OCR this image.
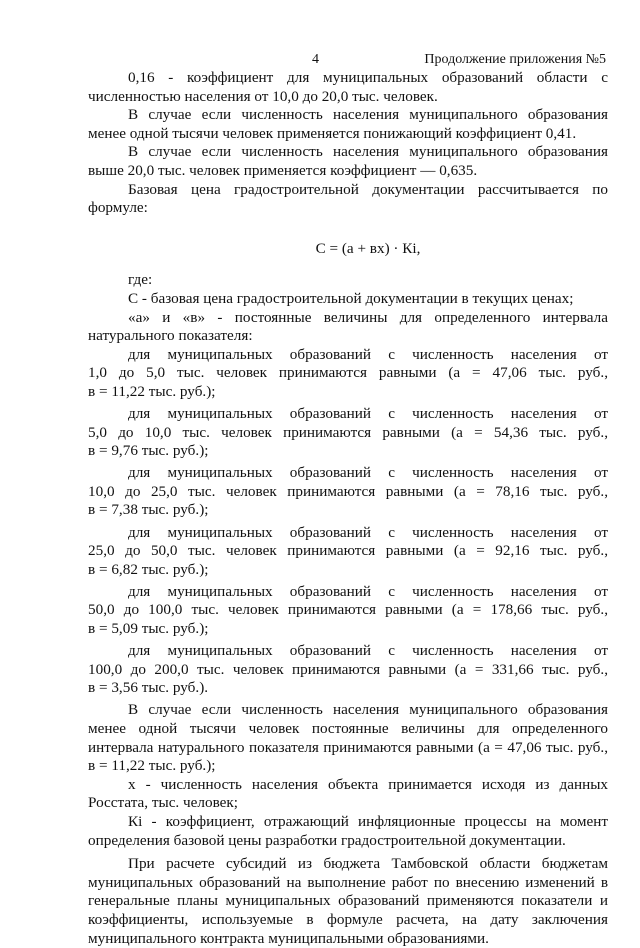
4	Продолжение приложения №5

0,16 - коэффициент для муниципальных образований области с численностью населения от 10,0 до 20,0 тыс. человек.

В случае если численность населения муниципального образования менее одной тысячи человек применяется понижающий коэффициент 0,41.

В случае если численность населения муниципального образования выше 20,0 тыс. человек применяется коэффициент — 0,635.

Базовая цена градостроительной документации рассчитывается по формуле:

С = (а + вх) · Кi,

где:

С - базовая цена градостроительной документации в текущих ценах;

«а» и «в» - постоянные величины для определенного интервала натурального показателя:

для муниципальных образований с численность населения от
1,0 до 5,0 тыс. человек принимаются равными (а = 47,06 тыс. руб.,
в = 11,22 тыс. руб.);
для муниципальных образований с численность населения от
5,0 до 10,0 тыс. человек принимаются равными (а = 54,36 тыс. руб.,
в = 9,76 тыс. руб.);
для муниципальных образований с численность населения от
10,0 до 25,0 тыс. человек принимаются равными (а = 78,16 тыс. руб.,
в = 7,38 тыс. руб.);
для муниципальных образований с численность населения от
25,0 до 50,0 тыс. человек принимаются равными (а = 92,16 тыс. руб.,
в = 6,82 тыс. руб.);
для муниципальных образований с численность населения от
50,0 до 100,0 тыс. человек принимаются равными (а = 178,66 тыс. руб.,
в = 5,09 тыс. руб.);
для муниципальных образований с численность населения от
100,0 до 200,0 тыс. человек принимаются равными (а = 331,66 тыс. руб.,
в = 3,56 тыс. руб.).

В случае если численность населения муниципального образования менее одной тысячи человек постоянные величины для определенного интервала натурального показателя принимаются равными (а = 47,06 тыс. руб., в = 11,22 тыс. руб.);

х - численность населения объекта принимается исходя из данных Росстата, тыс. человек;

Кi - коэффициент, отражающий инфляционные процессы на момент определения базовой цены разработки градостроительной документации.

При расчете субсидий из бюджета Тамбовской области бюджетам муниципальных образований на выполнение работ по внесению изменений в генеральные планы муниципальных образований применяются показатели и коэффициенты, используемые в формуле расчета, на дату заключения муниципального контракта муниципальными образованиями.
